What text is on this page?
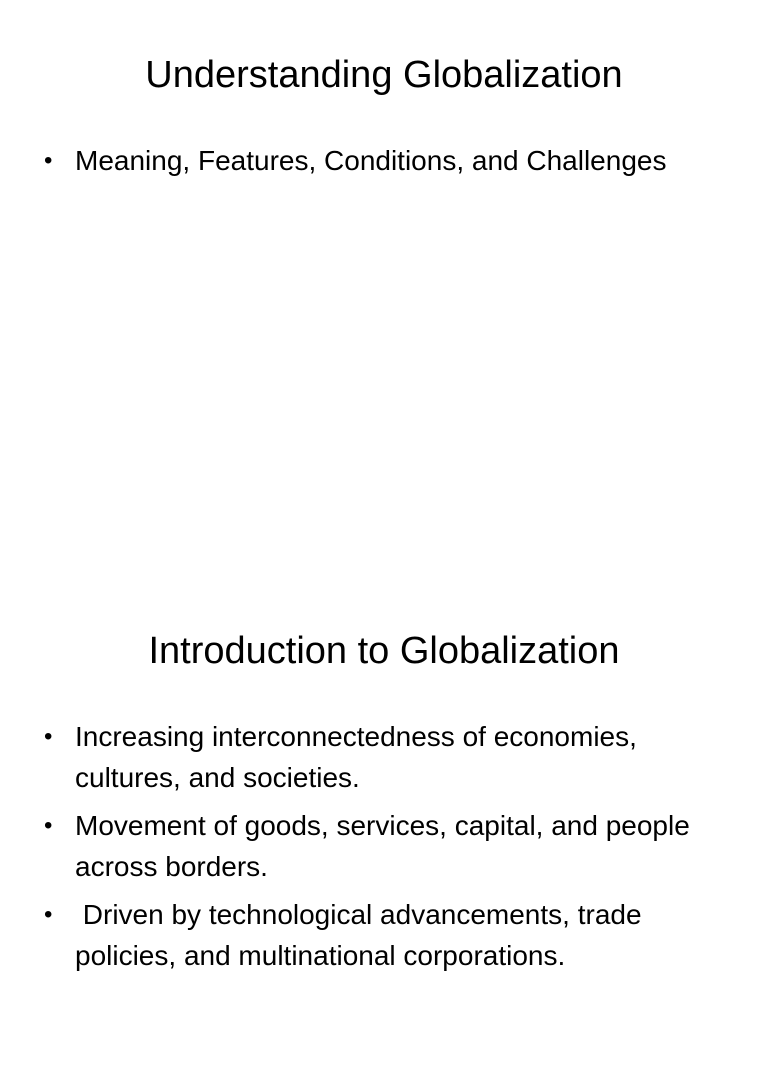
Understanding Globalization
• Meaning, Features, Conditions, and Challenges
Introduction to Globalization
• Increasing interconnectedness of economies, cultures, and societies.
• Movement of goods, services, capital, and people across borders.
• Driven by technological advancements, trade policies, and multinational corporations.
